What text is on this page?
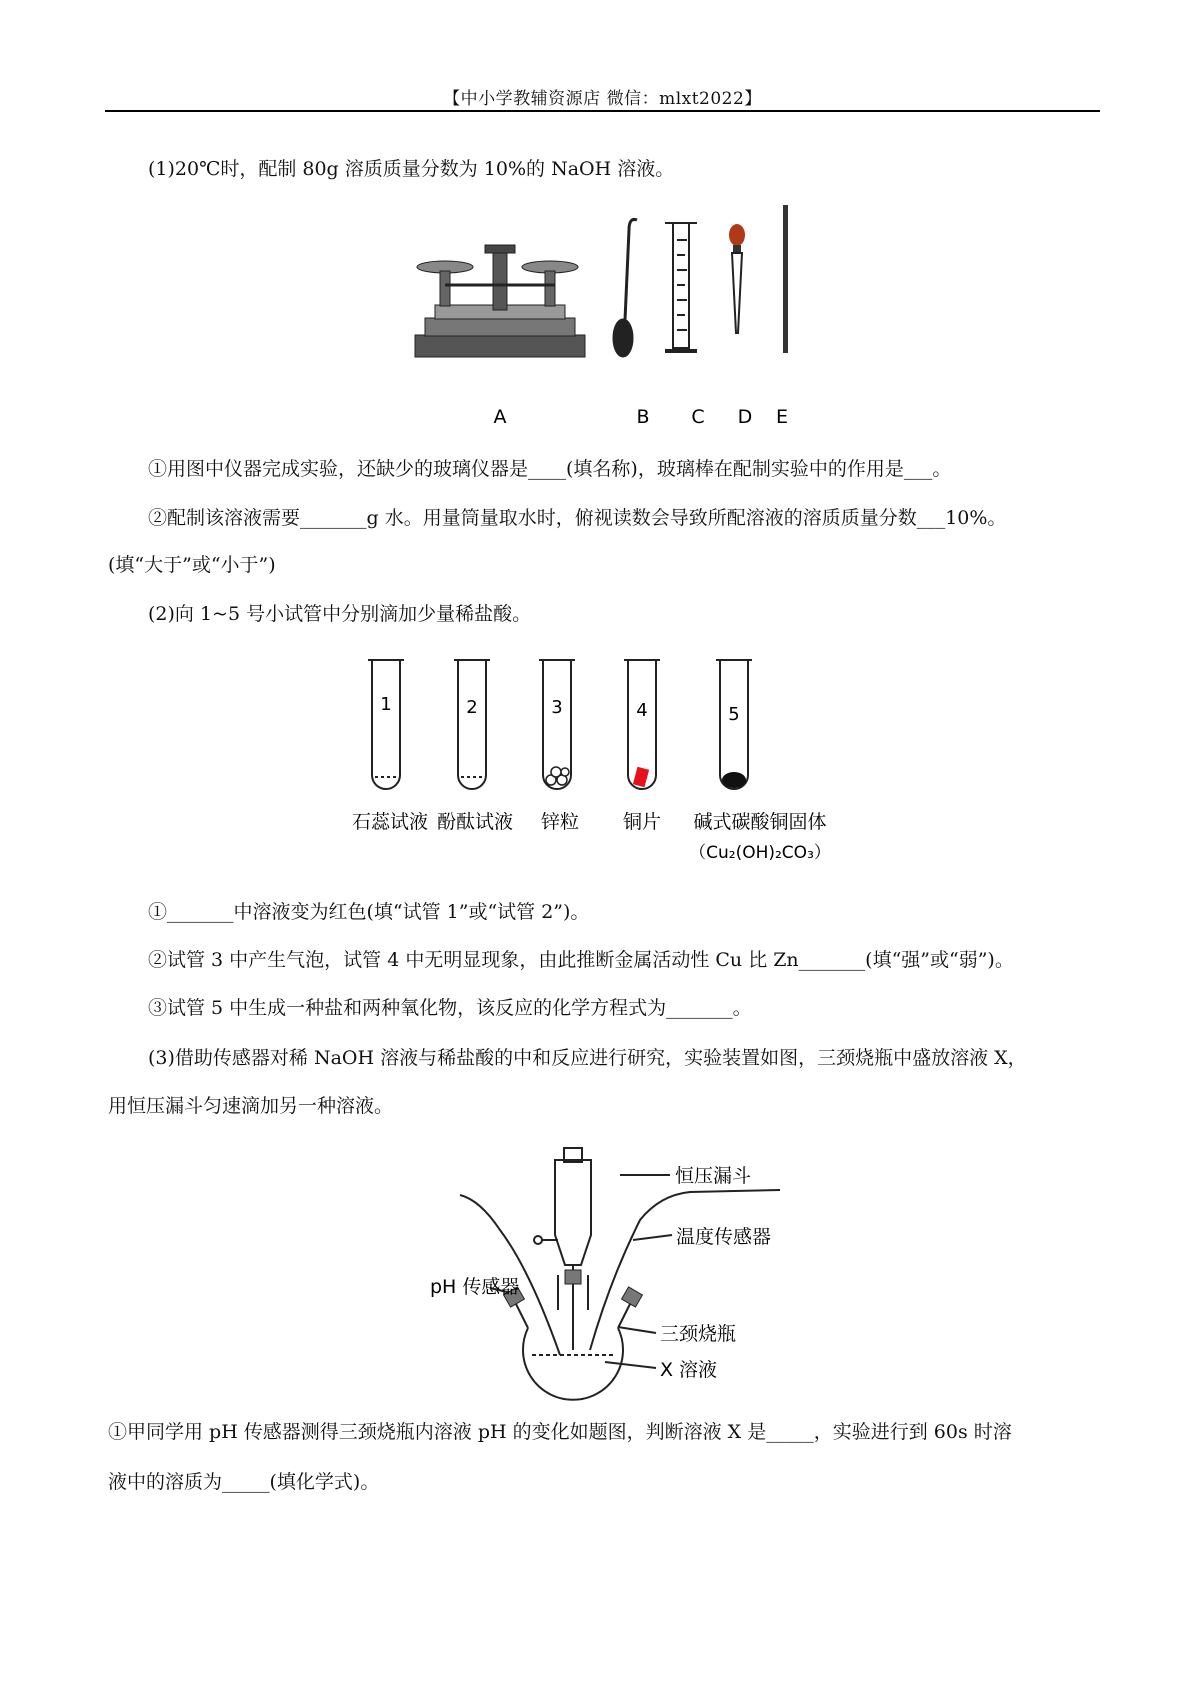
【中小学教辅资源店 微信：mlxt2022】
(1)20℃时，配制 80g 溶质质量分数为 10%的 NaOH 溶液。
A	B C D E
①用图中仪器完成实验，还缺少的玻璃仪器是____(填名称)，玻璃棒在配制实验中的作用是___。
②配制该溶液需要_______g 水。用量筒量取水时，俯视读数会导致所配溶液的溶质质量分数___10%。
(填“大于”或“小于”)
(2)向 1~5 号小试管中分别滴加少量稀盐酸。
1	2	3	4	5
石蕊试液 酚酞试液 锌粒 铜片 碱式碳酸铜固体
（Cu₂(OH)₂CO₃）
①_______中溶液变为红色(填“试管 1”或“试管 2”)。
②试管 3 中产生气泡，试管 4 中无明显现象，由此推断金属活动性 Cu 比 Zn_______(填“强”或“弱”)。
③试管 5 中生成一种盐和两种氧化物，该反应的化学方程式为_______。
(3)借助传感器对稀 NaOH 溶液与稀盐酸的中和反应进行研究，实验装置如图，三颈烧瓶中盛放溶液 X，
用恒压漏斗匀速滴加另一种溶液。
恒压漏斗
温度传感器
pH 传感器
三颈烧瓶
X 溶液
①甲同学用 pH 传感器测得三颈烧瓶内溶液 pH 的变化如题图，判断溶液 X 是_____，实验进行到 60s 时溶
液中的溶质为_____(填化学式)。
